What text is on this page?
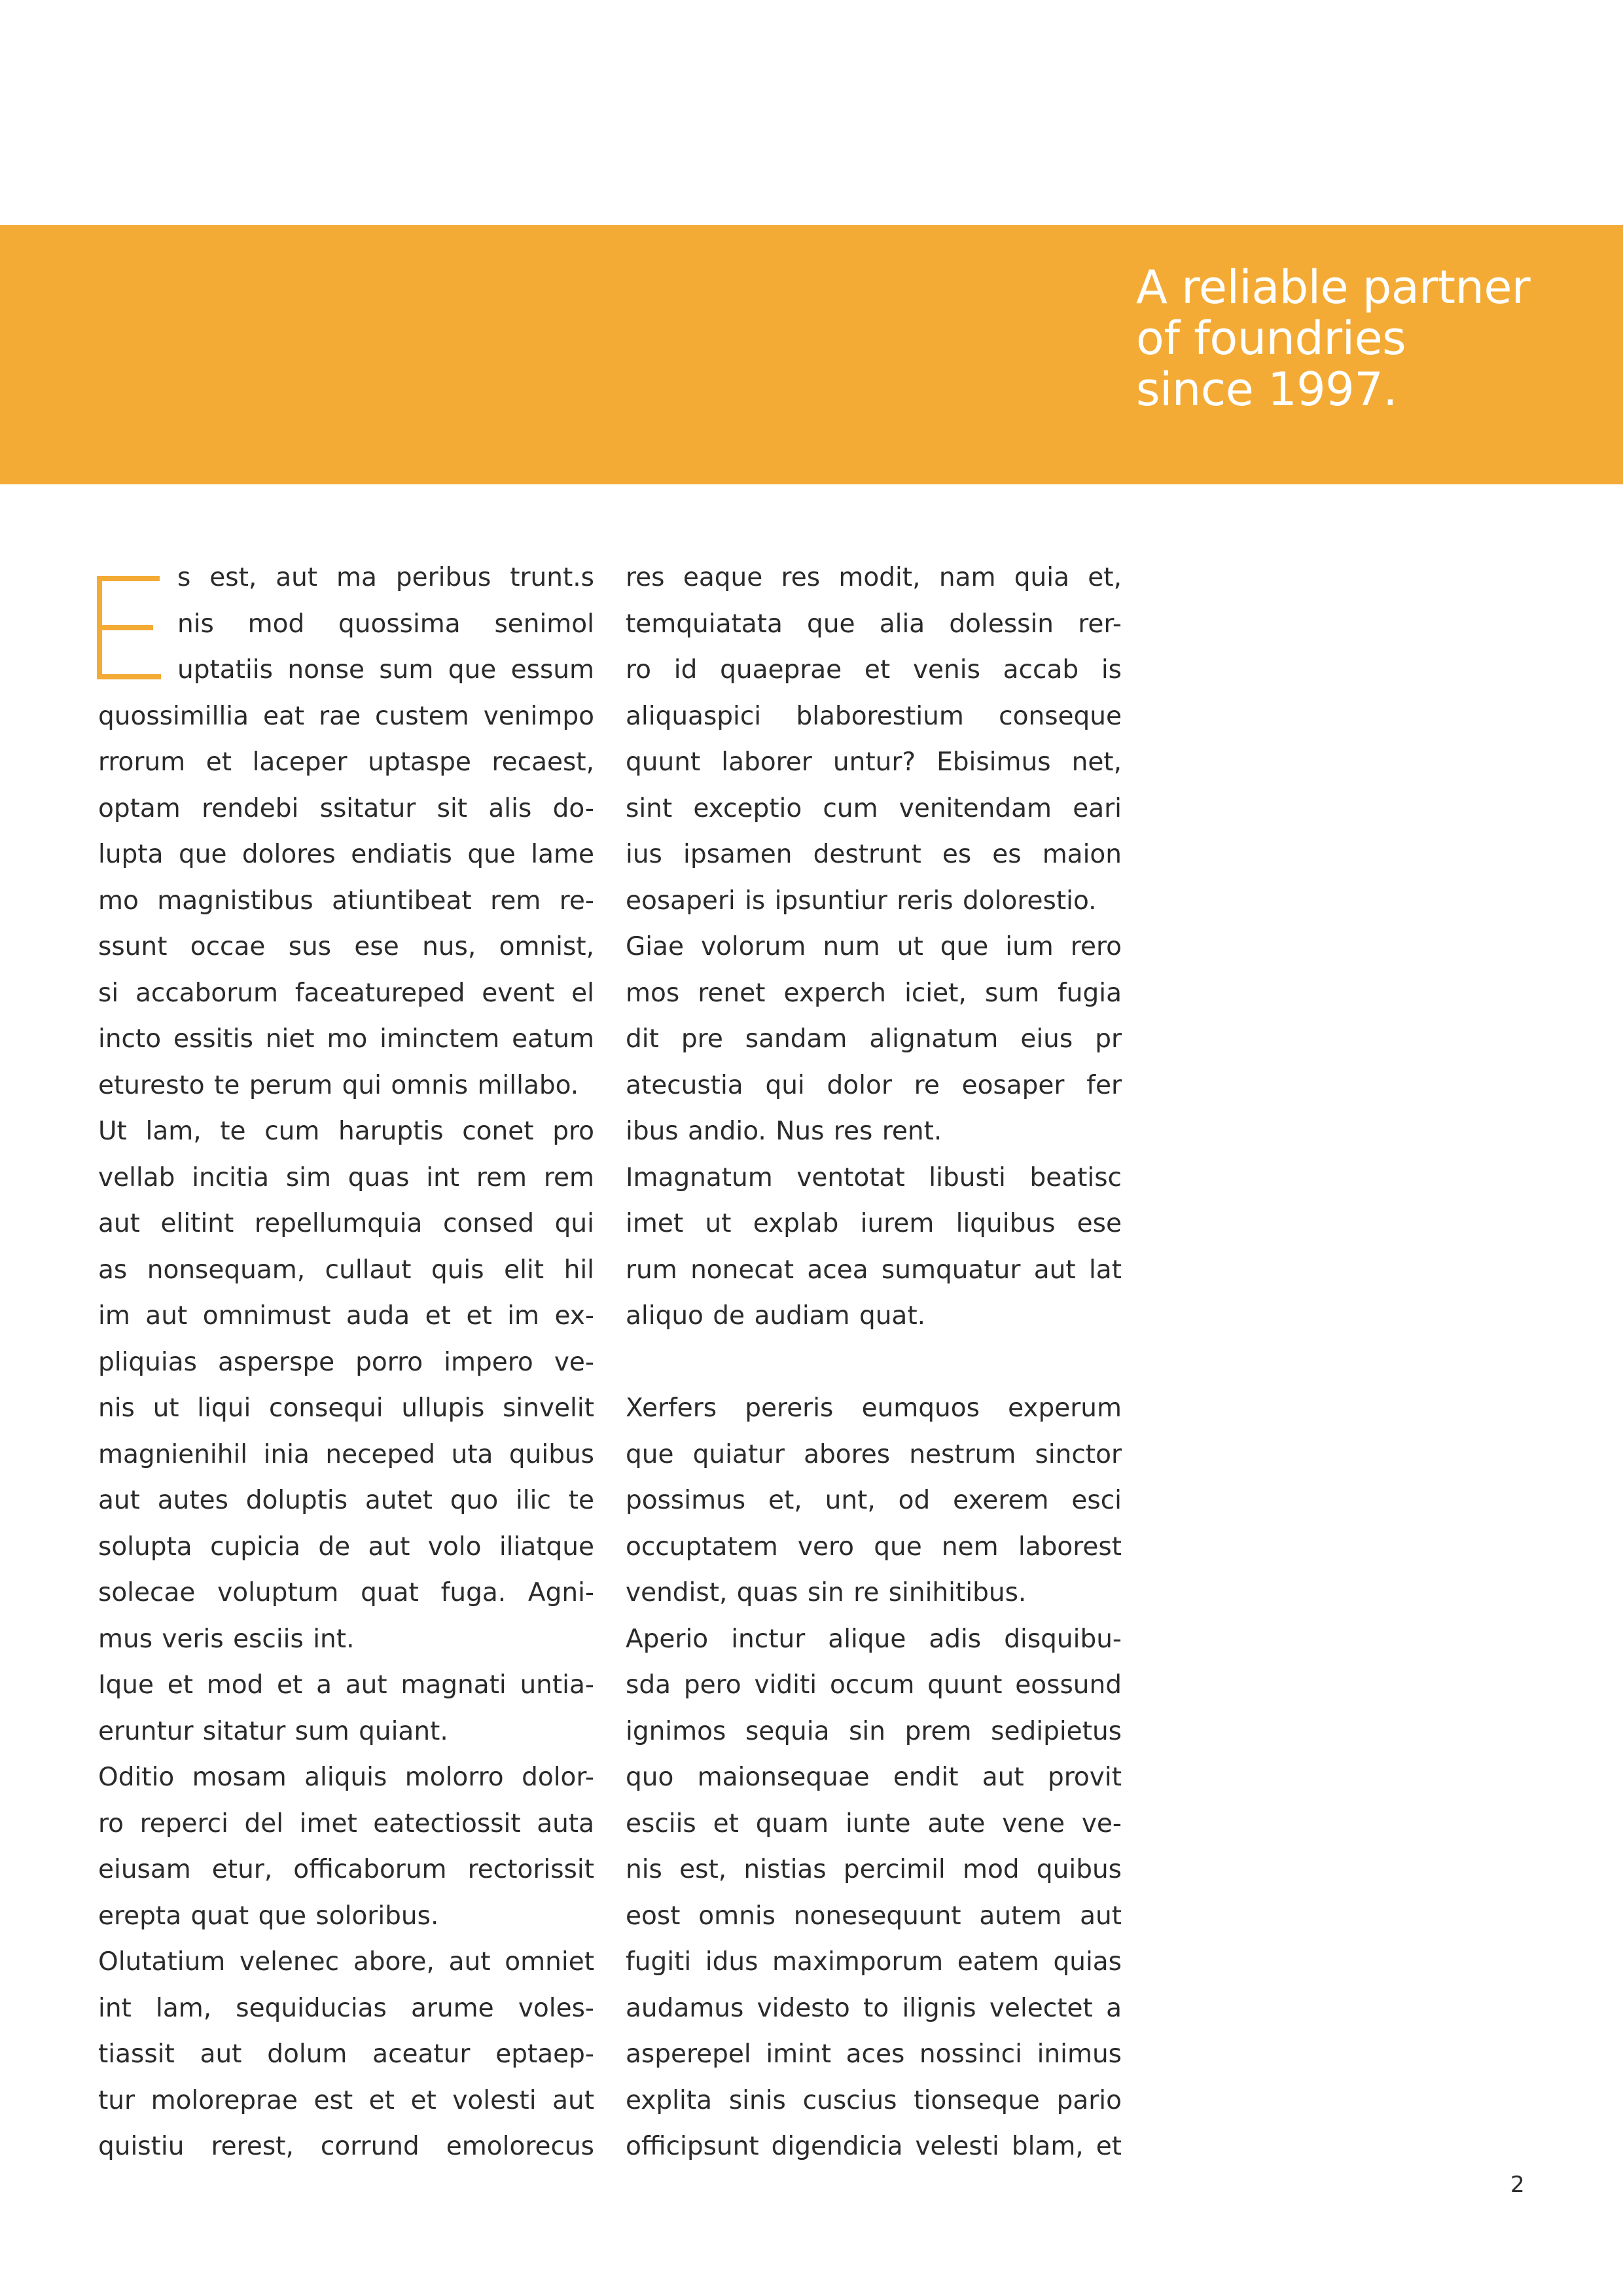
A reliable partner
of foundries
since 1997.
s est, aut ma peribus trunt.s
nis mod quossima senimol
uptatiis nonse sum que essum
quossimillia eat rae custem venimpo
rrorum et laceper uptaspe recaest,
optam rendebi ssitatur sit alis do-
lupta que dolores endiatis que lame
mo magnistibus atiuntibeat rem re-
ssunt occae sus ese nus, omnist,
si accaborum faceatureped event el
incto essitis niet mo iminctem eatum
eturesto te perum qui omnis millabo.
Ut lam, te cum haruptis conet pro
vellab incitia sim quas int rem rem
aut elitint repellumquia consed qui
as nonsequam, cullaut quis elit hil
im aut omnimust auda et et im ex-
pliquias asperspe porro impero ve-
nis ut liqui consequi ullupis sinvelit
magnienihil inia neceped uta quibus
aut autes doluptis autet quo ilic te
solupta cupicia de aut volo iliatque
solecae voluptum quat fuga. Agni-
mus veris esciis int.
Ique et mod et a aut magnati untia-
eruntur sitatur sum quiant.
Oditio mosam aliquis molorro dolor-
ro reperci del imet eatectiossit auta
eiusam etur, officaborum rectorissit
erepta quat que soloribus.
Olutatium velenec abore, aut omniet
int lam, sequiducias arume voles-
tiassit aut dolum aceatur eptaep-
tur moloreprae est et et volesti aut
quistiu rerest, corrund emolorecus
res eaque res modit, nam quia et,
temquiatata que alia dolessin rer-
ro id quaeprae et venis accab is
aliquaspici blaborestium conseque
quunt laborer untur? Ebisimus net,
sint exceptio cum venitendam eari
ius ipsamen destrunt es es maion
eosaperi is ipsuntiur reris dolorestio.
Giae volorum num ut que ium rero
mos renet experch iciet, sum fugia
dit pre sandam alignatum eius pr
atecustia qui dolor re eosaper fer
ibus andio. Nus res rent.
Imagnatum ventotat libusti beatisc
imet ut explab iurem liquibus ese
rum nonecat acea sumquatur aut lat
aliquo de audiam quat.
Xerfers pereris eumquos experum
que quiatur abores nestrum sinctor
possimus et, unt, od exerem esci
occuptatem vero que nem laborest
vendist, quas sin re sinihitibus.
Aperio inctur alique adis disquibu-
sda pero viditi occum quunt eossund
ignimos sequia sin prem sedipietus
quo maionsequae endit aut provit
esciis et quam iunte aute vene ve-
nis est, nistias percimil mod quibus
eost omnis nonesequunt autem aut
fugiti idus maximporum eatem quias
audamus videsto to ilignis velectet a
asperepel imint aces nossinci inimus
explita sinis cuscius tionseque pario
officipsunt digendicia velesti blam, et
2
